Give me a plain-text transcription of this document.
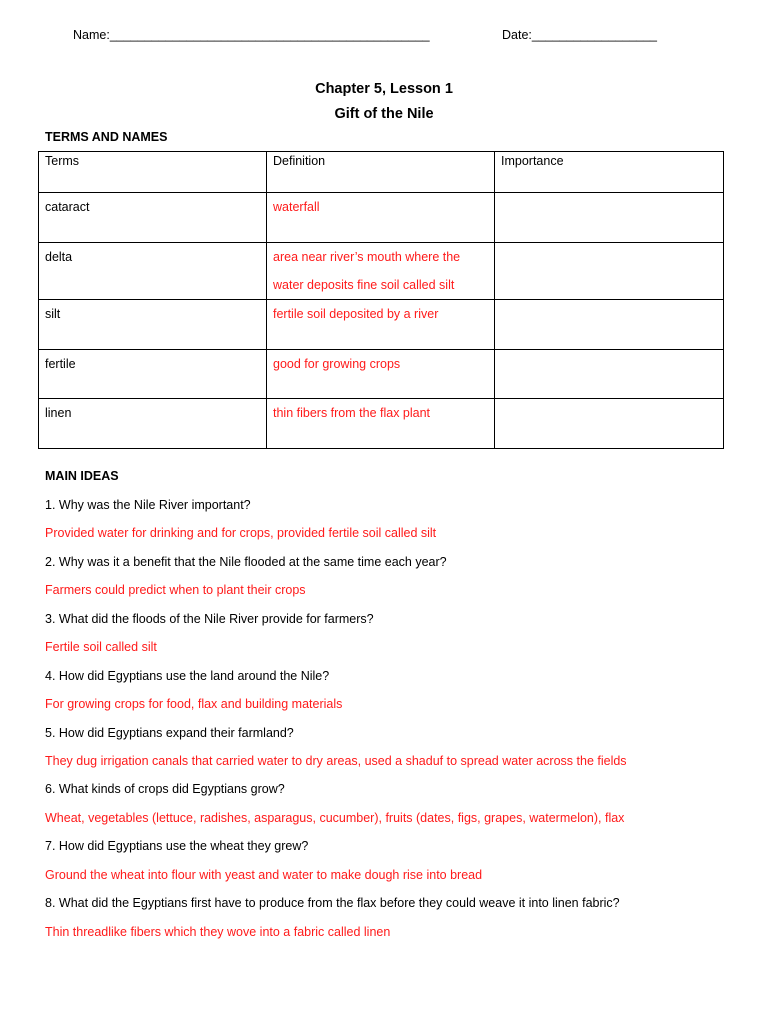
Name:______________________________________________	Date:__________________
Chapter 5, Lesson 1
Gift of the Nile
TERMS AND NAMES
Terms	Definition	Importance
cataract	waterfall	
delta	area near river’s mouth where the water deposits fine soil called silt	
silt	fertile soil deposited by a river	
fertile	good for growing crops	
linen	thin fibers from the flax plant	
MAIN IDEAS
1. Why was the Nile River important?
Provided water for drinking and for crops, provided fertile soil called silt
2. Why was it a benefit that the Nile flooded at the same time each year?
Farmers could predict when to plant their crops
3. What did the floods of the Nile River provide for farmers?
Fertile soil called silt
4. How did Egyptians use the land around the Nile?
For growing crops for food, flax and building materials
5. How did Egyptians expand their farmland?
They dug irrigation canals that carried water to dry areas, used a shaduf to spread water across the fields
6. What kinds of crops did Egyptians grow?
Wheat, vegetables (lettuce, radishes, asparagus, cucumber), fruits (dates, figs, grapes, watermelon), flax
7. How did Egyptians use the wheat they grew?
Ground the wheat into flour with yeast and water to make dough rise into bread
8. What did the Egyptians first have to produce from the flax before they could weave it into linen fabric?
Thin threadlike fibers which they wove into a fabric called linen
